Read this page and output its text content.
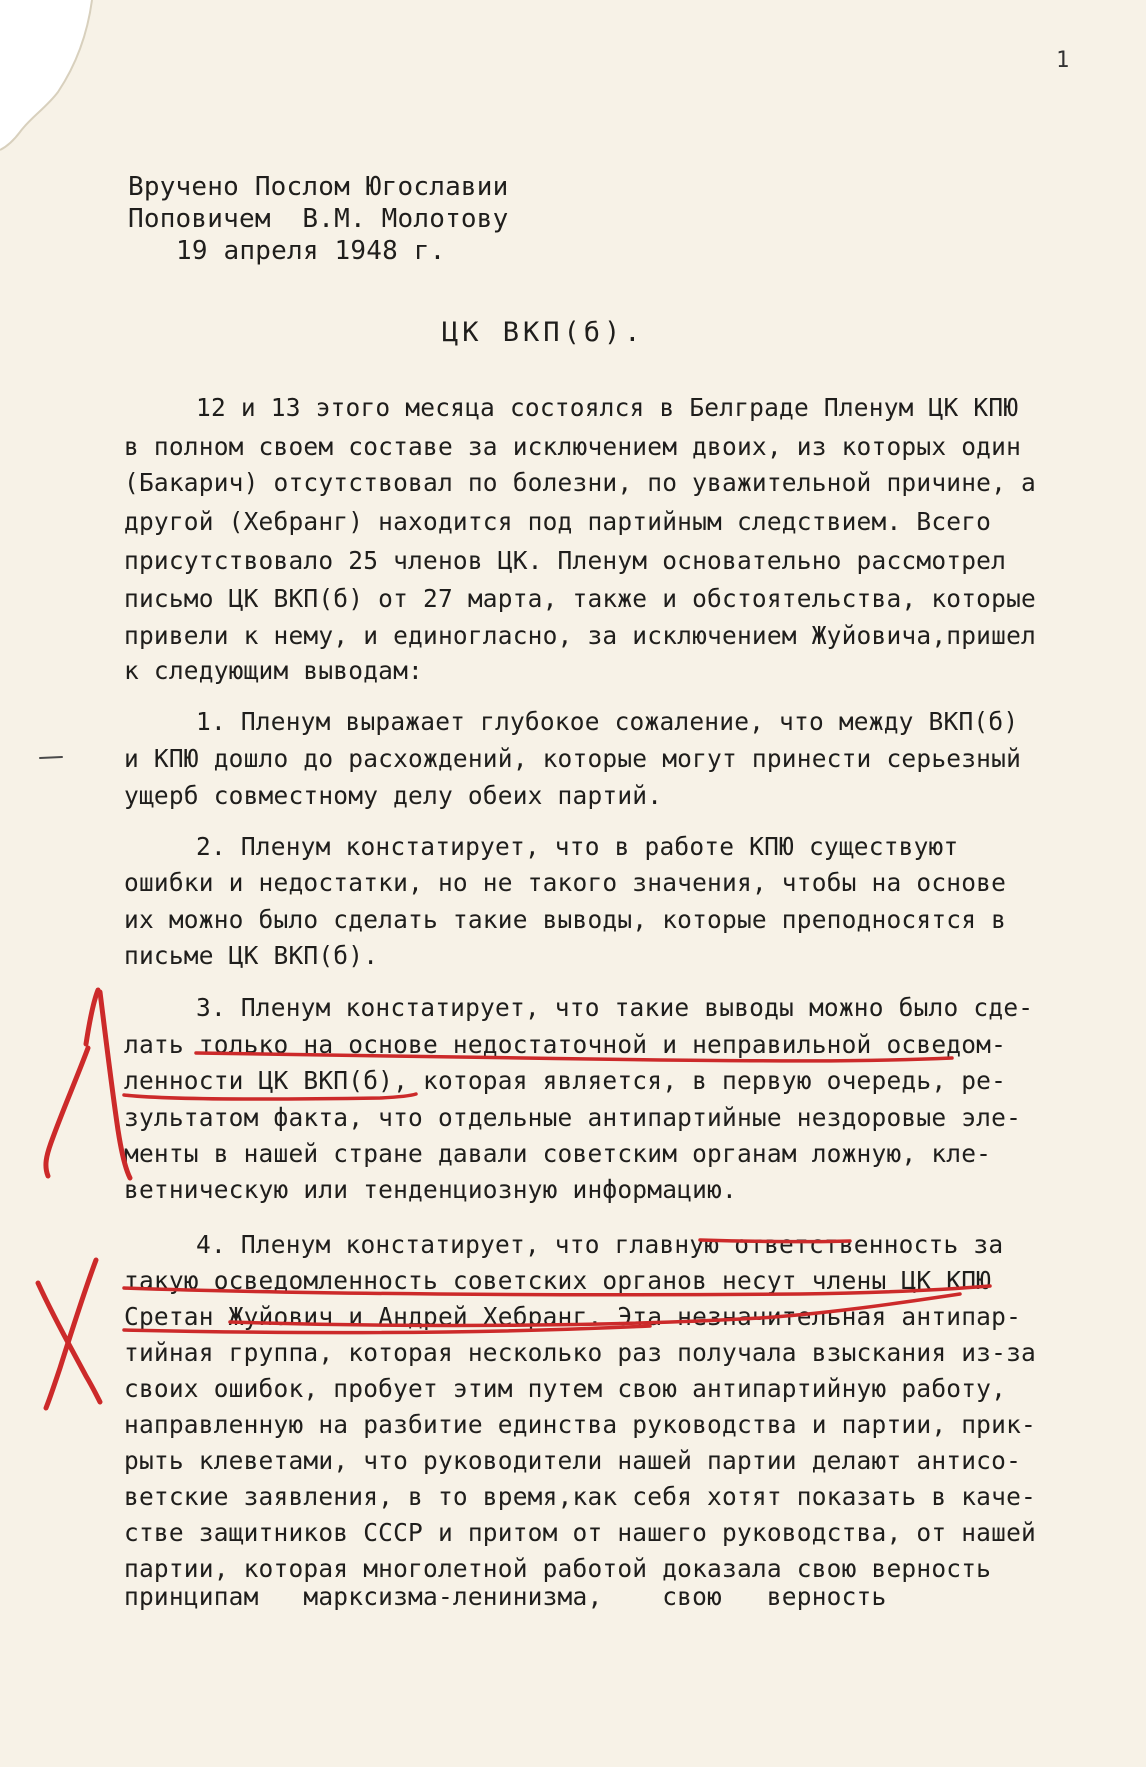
1
Вручено Послом Югославии
Поповичем  В.М. Молотову
19 апреля 1948 г.
ЦК ВКП(б).
12 и 13 этого месяца состоялся в Белграде Пленум ЦК КПЮ
в полном своем составе за исключением двоих, из которых один
(Бакарич) отсутствовал по болезни, по уважительной причине, а
другой (Хебранг) находится под партийным следствием. Всего
присутствовало 25 членов ЦК. Пленум основательно рассмотрел
письмо ЦК ВКП(б) от 27 марта, также и обстоятельства, которые
привели к нему, и единогласно, за исключением Жуйовича,пришел
к следующим выводам:
1. Пленум выражает глубокое сожаление, что между ВКП(б)
и КПЮ дошло до расхождений, которые могут принести серьезный
ущерб совместному делу обеих партий.
2. Пленум констатирует, что в работе КПЮ существуют
ошибки и недостатки, но не такого значения, чтобы на основе
их можно было сделать такие выводы, которые преподносятся в
письме ЦК ВКП(б).
3. Пленум констатирует, что такие выводы можно было сде-
лать только на основе недостаточной и неправильной осведом-
ленности ЦК ВКП(б), которая является, в первую очередь, ре-
зультатом факта, что отдельные антипартийные нездоровые эле-
менты в нашей стране давали советским органам ложную, кле-
ветническую или тенденциозную информацию.
4. Пленум констатирует, что главную ответственность за
такую осведомленность советских органов несут члены ЦК КПЮ
Сретан Жуйович и Андрей Хебранг. Эта незначительная антипар-
тийная группа, которая несколько раз получала взыскания из-за
своих ошибок, пробует этим путем свою антипартийную работу,
направленную на разбитие единства руководства и партии, прик-
рыть клеветами, что руководители нашей партии делают антисо-
ветские заявления, в то время,как себя хотят показать в каче-
стве защитников СССР и притом от нашего руководства, от нашей
партии, которая многолетной работой доказала свою верность
принципам   марксизма-ленинизма,    свою   верность
